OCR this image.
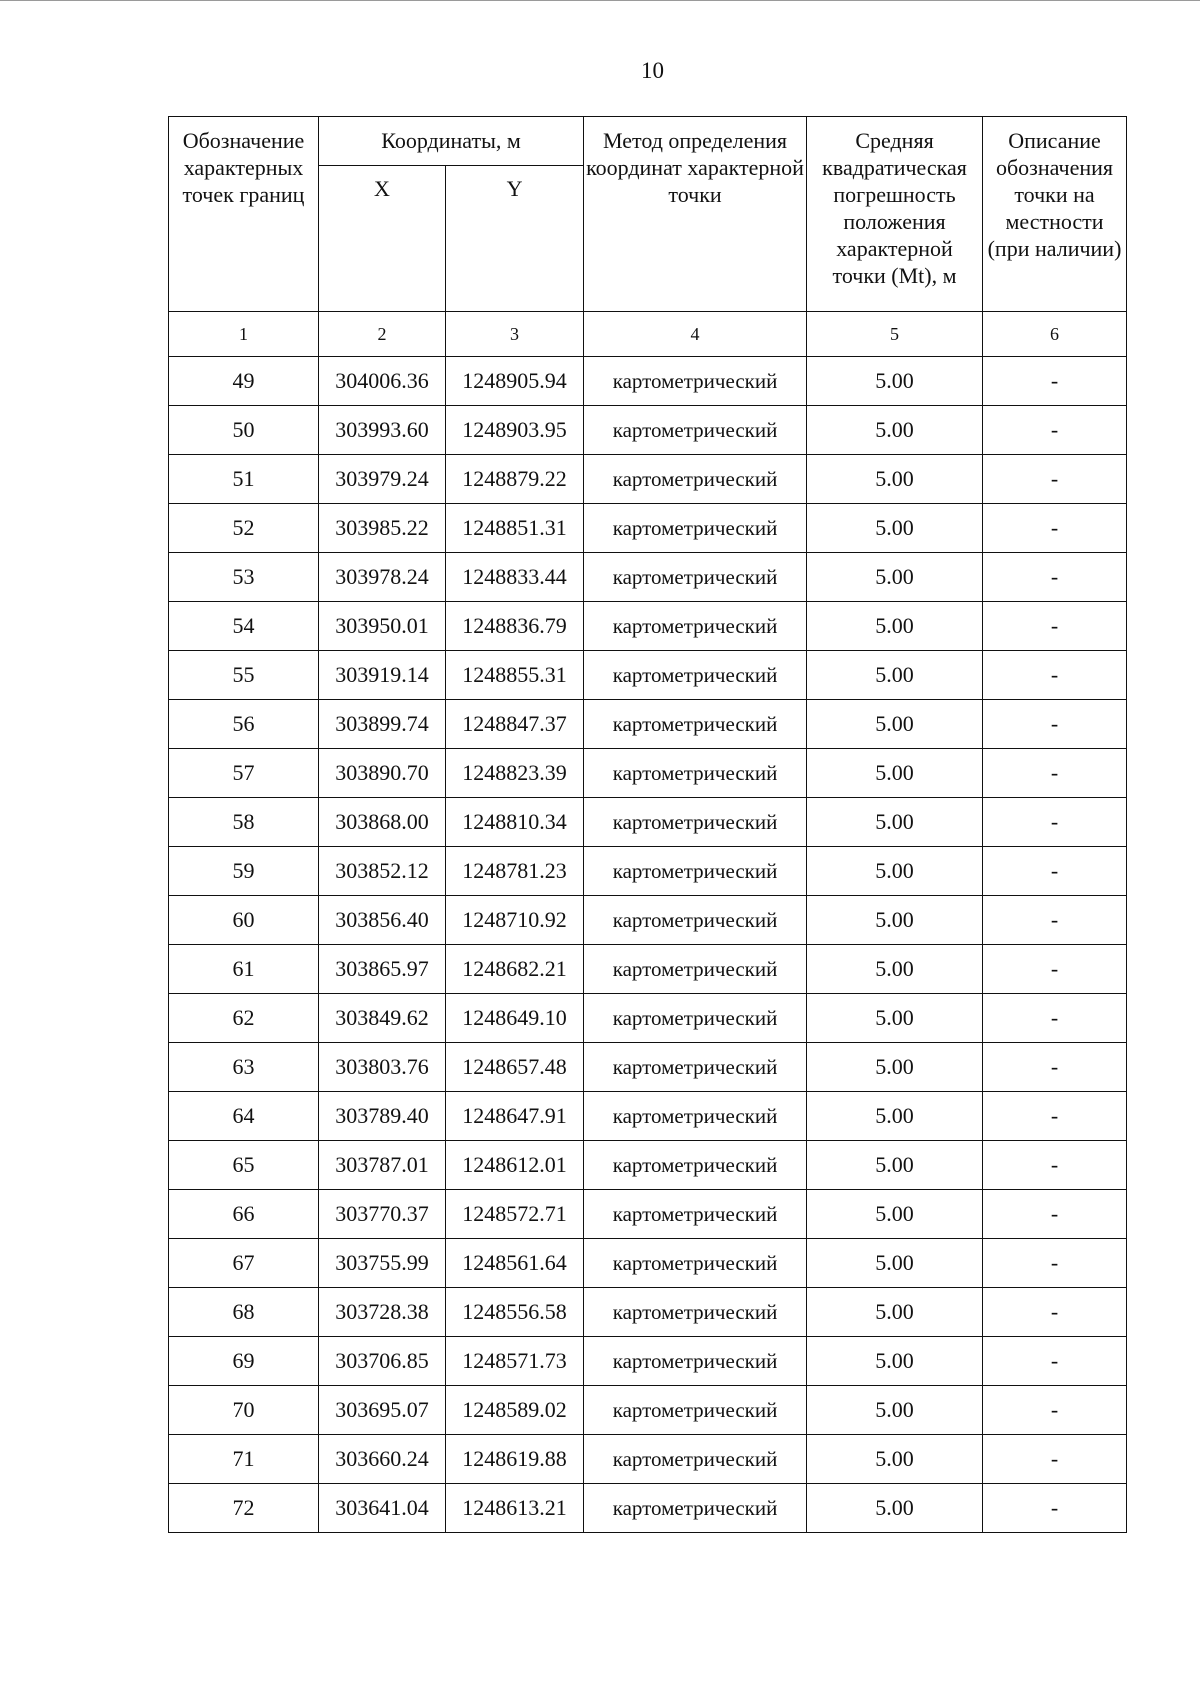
10
Обозначение характерных точек границ	Координаты, м		Метод определения координат характерной точки	Средняя квадратическая погрешность положения характерной точки (Mt), м	Описание обозначения точки на местности (при наличии)
	X	Y			
1	2	3	4	5	6
49	304006.36	1248905.94	картометрический	5.00	-
50	303993.60	1248903.95	картометрический	5.00	-
51	303979.24	1248879.22	картометрический	5.00	-
52	303985.22	1248851.31	картометрический	5.00	-
53	303978.24	1248833.44	картометрический	5.00	-
54	303950.01	1248836.79	картометрический	5.00	-
55	303919.14	1248855.31	картометрический	5.00	-
56	303899.74	1248847.37	картометрический	5.00	-
57	303890.70	1248823.39	картометрический	5.00	-
58	303868.00	1248810.34	картометрический	5.00	-
59	303852.12	1248781.23	картометрический	5.00	-
60	303856.40	1248710.92	картометрический	5.00	-
61	303865.97	1248682.21	картометрический	5.00	-
62	303849.62	1248649.10	картометрический	5.00	-
63	303803.76	1248657.48	картометрический	5.00	-
64	303789.40	1248647.91	картометрический	5.00	-
65	303787.01	1248612.01	картометрический	5.00	-
66	303770.37	1248572.71	картометрический	5.00	-
67	303755.99	1248561.64	картометрический	5.00	-
68	303728.38	1248556.58	картометрический	5.00	-
69	303706.85	1248571.73	картометрический	5.00	-
70	303695.07	1248589.02	картометрический	5.00	-
71	303660.24	1248619.88	картометрический	5.00	-
72	303641.04	1248613.21	картометрический	5.00	-
